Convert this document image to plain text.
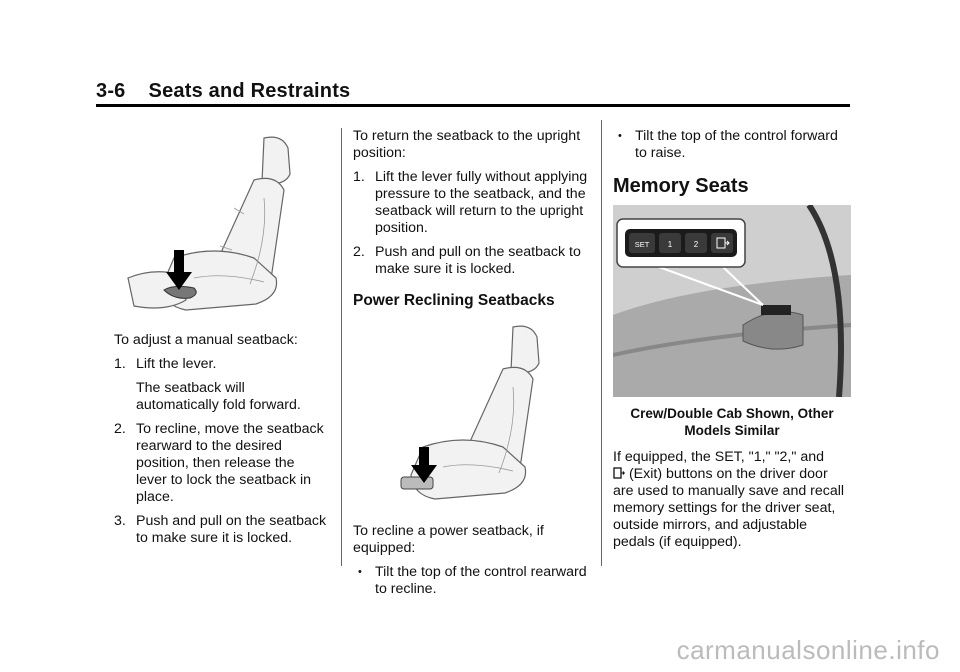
3-6    Seats and Restraints

To adjust a manual seatback:

1. Lift the lever.
The seatback will automatically fold forward.
2. To recline, move the seatback rearward to the desired position, then release the lever to lock the seatback in place.
3. Push and pull on the seatback to make sure it is locked.

To return the seatback to the upright position:

1. Lift the lever fully without applying pressure to the seatback, and the seatback will return to the upright position.
2. Push and pull on the seatback to make sure it is locked.
Power Reclining Seatbacks

To recline a power seatback, if equipped:

• Tilt the top of the control rearward to recline.
• Tilt the top of the control forward to raise.
Memory Seats
SET 1	2
Crew/Double Cab Shown, Other Models Similar

If equipped, the SET, "1," "2," and
(Exit) buttons on the driver door are used to manually save and recall memory settings for the driver seat, outside mirrors, and adjustable pedals (if equipped).

carmanualsonline.info
